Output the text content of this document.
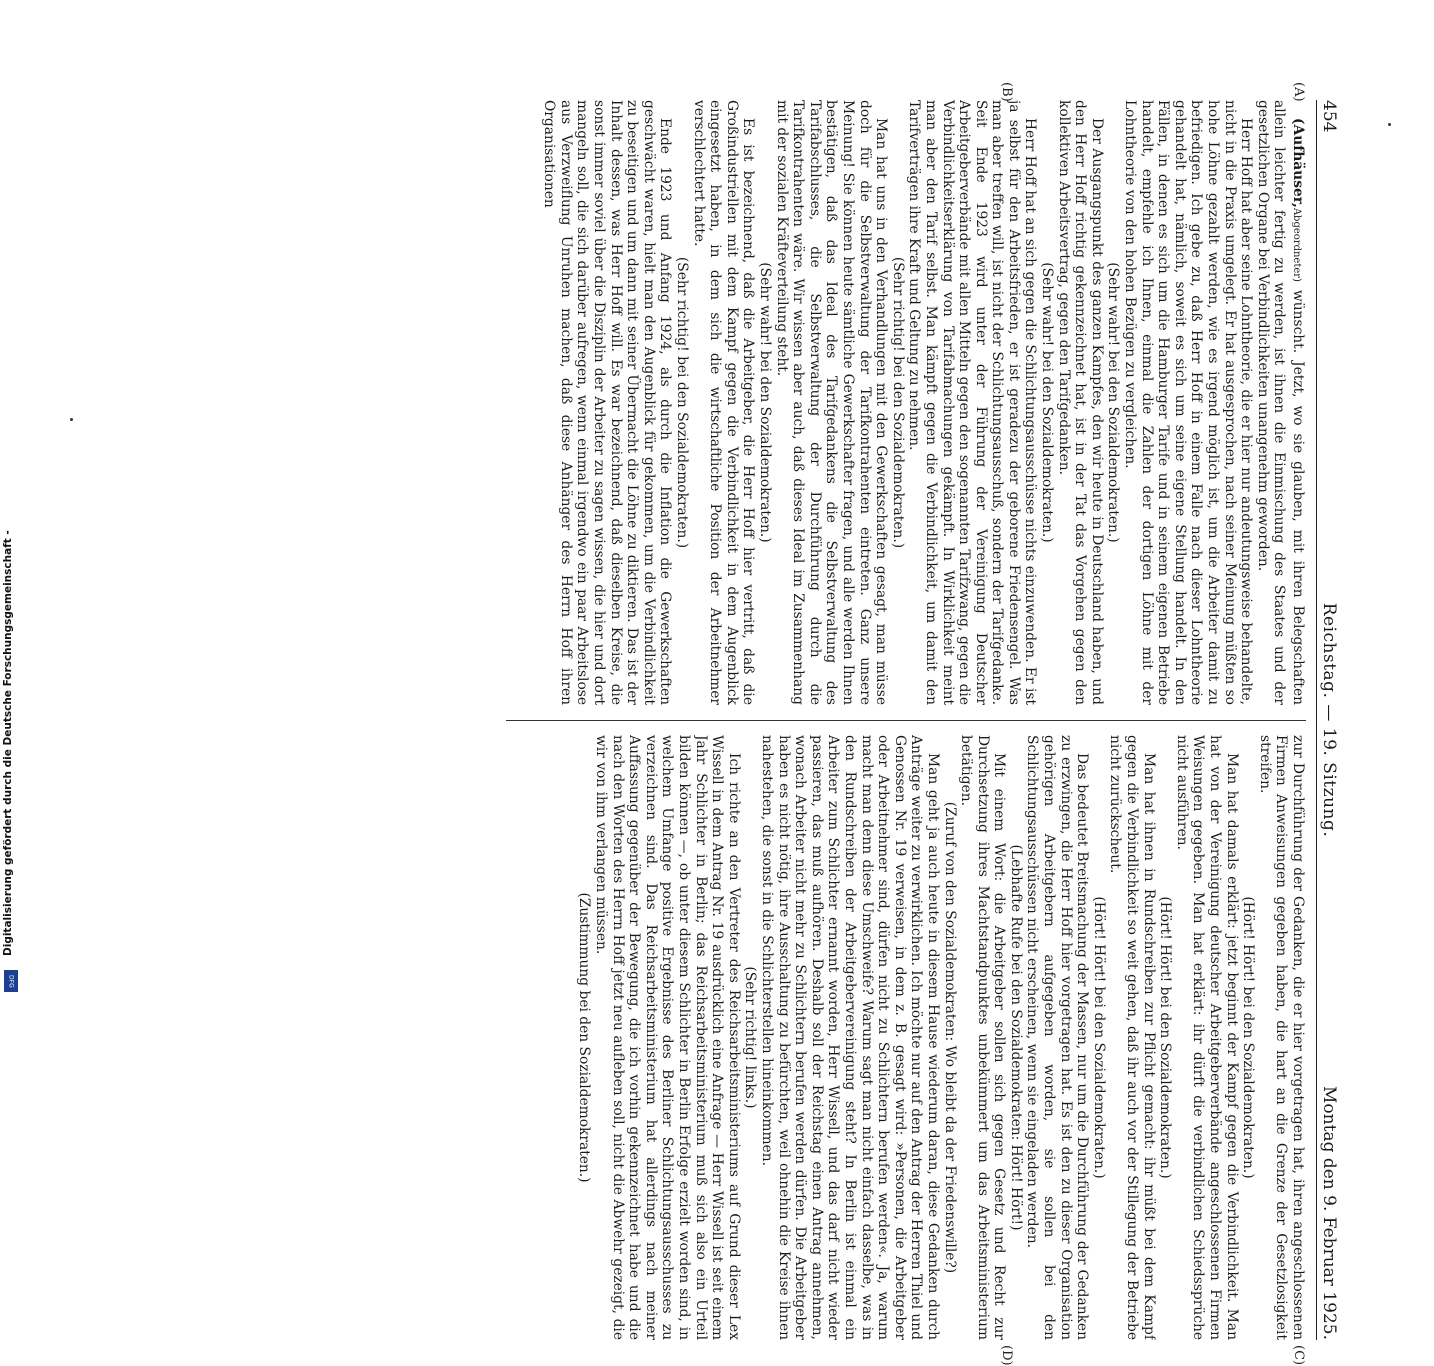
454
Reichstag. — 19. Sitzung.
Montag den 9. Februar 1925.
(A)
(B)
(C)
(D)

(Aufhäuser,Abgeordneter) wünscht. Jetzt, wo sie glauben, mit ihren Belegschaften allein leichter fertig zu werden, ist ihnen die Einmischung des Staates und der gesetzlichen Organe bei Verbindlichkeiten unangenehm geworden.

Herr Hoff hat aber seine Lohntheorie, die er hier nur andeutungsweise behandelte, nicht in die Praxis umgelegt. Er hat ausgesprochen, nach seiner Meinung müßten so hohe Löhne gezahlt werden, wie es irgend möglich ist, um die Arbeiter damit zu befriedigen. Ich gebe zu, daß Herr Hoff in einem Falle nach dieser Lohntheorie gehandelt hat, nämlich, soweit es sich um seine eigene Stellung handelt. In den Fällen, in denen es sich um die Hamburger Tarife und in seinem eigenen Betriebe handelt, empfehle ich Ihnen, einmal die Zahlen der dortigen Löhne mit der Lohntheorie von den hohen Bezügen zu vergleichen.

(Sehr wahr! bei den Sozialdemokraten.)

Der Ausgangspunkt des ganzen Kampfes, den wir heute in Deutschland haben, und den Herr Hoff richtig gekennzeichnet hat, ist in der Tat das Vorgehen gegen den kollektiven Arbeitsvertrag, gegen den Tarifgedanken.

(Sehr wahr! bei den Sozialdemokraten.)

Herr Hoff hat an sich gegen die Schlichtungsausschüsse nichts einzuwenden. Er ist ja selbst für den Arbeitsfrieden, er ist geradezu der geborene Friedensengel. Was man aber treffen will, ist nicht der Schlichtungsausschuß, sondern der Tarifgedanke. Seit Ende 1923 wird unter der Führung der Vereinigung Deutscher Arbeitgeberverbände mit allen Mitteln gegen den sogenannten Tarifzwang, gegen die Verbindlichkeitserklärung von Tarifabmachungen gekämpft. In Wirklichkeit meint man aber den Tarif selbst. Man kämpft gegen die Verbindlichkeit, um damit den Tarifverträgen ihre Kraft und Geltung zu nehmen.

(Sehr richtig! bei den Sozialdemokraten.)

Man hat uns in den Verhandlungen mit den Gewerkschaften gesagt, man müsse doch für die Selbstverwaltung der Tarifkontrahenten eintreten. Ganz unsere Meinung! Sie können heute sämtliche Gewerkschafter fragen, und alle werden Ihnen bestätigen, daß das Ideal des Tarifgedankens die Selbstverwaltung des Tarifabschlusses, die Selbstverwaltung der Durchführung durch die Tarifkontrahenten wäre. Wir wissen aber auch, daß dieses Ideal im Zusammenhang mit der sozialen Kräfteverteilung steht.

(Sehr wahr! bei den Sozialdemokraten.)

Es ist bezeichnend, daß die Arbeitgeber, die Herr Hoff hier vertritt, daß die Großindustriellen mit dem Kampf gegen die Verbindlichkeit in dem Augenblick eingesetzt haben, in dem sich die wirtschaftliche Position der Arbeitnehmer verschlechtert hatte.

(Sehr richtig! bei den Sozialdemokraten.)

Ende 1923 und Anfang 1924, als durch die Inflation die Gewerkschaften geschwächt waren, hielt man den Augenblick für gekommen, um die Verbindlichkeit zu beseitigen und um dann mit seiner Übermacht die Löhne zu diktieren. Das ist der Inhalt dessen, was Herr Hoff will. Es war bezeichnend, daß dieselben Kreise, die sonst immer soviel über die Disziplin der Arbeiter zu sagen wissen, die hier und dort mangeln soll, die sich darüber aufregen, wenn einmal irgendwo ein paar Arbeitslose aus Verzweiflung Unruhen machen, daß diese Anhänger des Herrn Hoff ihren Organisationen

zur Durchführung der Gedanken, die er hier vorgetragen hat, ihren angeschlossenen Firmen Anweisungen gegeben haben, die hart an die Grenze der Gesetzlosigkeit streifen.

(Hört! Hört! bei den Sozialdemokraten.)

Man hat damals erklärt: jetzt beginnt der Kampf gegen die Verbindlichkeit. Man hat von der Vereinigung deutscher Arbeitgeberverbände angeschlossenen Firmen Weisungen gegeben. Man hat erklärt: ihr dürft die verbindlichen Schiedssprüche nicht ausführen.

(Hört! Hört! bei den Sozialdemokraten.)

Man hat ihnen in Rundschreiben zur Pflicht gemacht: ihr müßt bei dem Kampf gegen die Verbindlichkeit so weit gehen, daß ihr auch vor der Stillegung der Betriebe nicht zurückscheut.

(Hört! Hört! bei den Sozialdemokraten.)

Das bedeutet Breitsmachung der Massen, nur um die Durchführung der Gedanken zu erzwingen, die Herr Hoff hier vorgetragen hat. Es ist den zu dieser Organisation gehörigen Arbeitgebern aufgegeben worden, sie sollen bei den Schlichtungsausschüssen nicht erscheinen, wenn sie eingeladen werden.

(Lebhafte Rufe bei den Sozialdemokraten: Hört! Hört!)

Mit einem Wort: die Arbeitgeber sollen sich gegen Gesetz und Recht zur Durchsetzung ihres Machtstandpunktes unbekümmert um das Arbeitsministerium betätigen.

(Zuruf von den Sozialdemokraten: Wo bleibt da der Friedenswille?)

Man geht ja auch heute in diesem Hause wiederum daran, diese Gedanken durch Anträge weiter zu verwirklichen. Ich möchte nur auf den Antrag der Herren Thiel und Genossen Nr. 19 verweisen, in dem z. B. gesagt wird: »Personen, die Arbeitgeber oder Arbeitnehmer sind, dürfen nicht zu Schlichtern berufen werden«. Ja, warum macht man denn diese Umschweife? Warum sagt man nicht einfach dasselbe, was in den Rundschreiben der Arbeitgebervereinigung steht? In Berlin ist einmal ein Arbeiter zum Schlichter ernannt worden, Herr Wissell, und das darf nicht wieder passieren, das muß aufhören. Deshalb soll der Reichstag einen Antrag annehmen, wonach Arbeiter nicht mehr zu Schlichtern berufen werden dürfen. Die Arbeitgeber haben es nicht nötig, ihre Ausschaltung zu befürchten, weil ohnehin die Kreise ihnen nahestehen, die sonst in die Schlichterstellen hineinkommen.

(Sehr richtig! links.)

Ich richte an den Vertreter des Reichsarbeitsministeriums auf Grund dieser Lex Wissell in dem Antrag Nr. 19 ausdrücklich eine Anfrage — Herr Wissell ist seit einem Jahr Schlichter in Berlin; das Reichsarbeitsministerium muß sich also ein Urteil bilden können —, ob unter diesem Schlichter in Berlin Erfolge erzielt worden sind, in welchem Umfange positive Ergebnisse des Berliner Schlichtungsausschusses zu verzeichnen sind. Das Reichsarbeitsministerium hat allerdings nach meiner Auffassung gegenüber der Bewegung, die ich vorhin gekennzeichnet habe und die nach den Worten des Herrn Hoff jetzt neu aufleben soll, nicht die Abwehr gezeigt, die wir von ihm verlangen müssen.

(Zustimmung bei den Sozialdemokraten.)

Digitalisierung gefördert durch die Deutsche Forschungsgemeinschaft -
DFG
